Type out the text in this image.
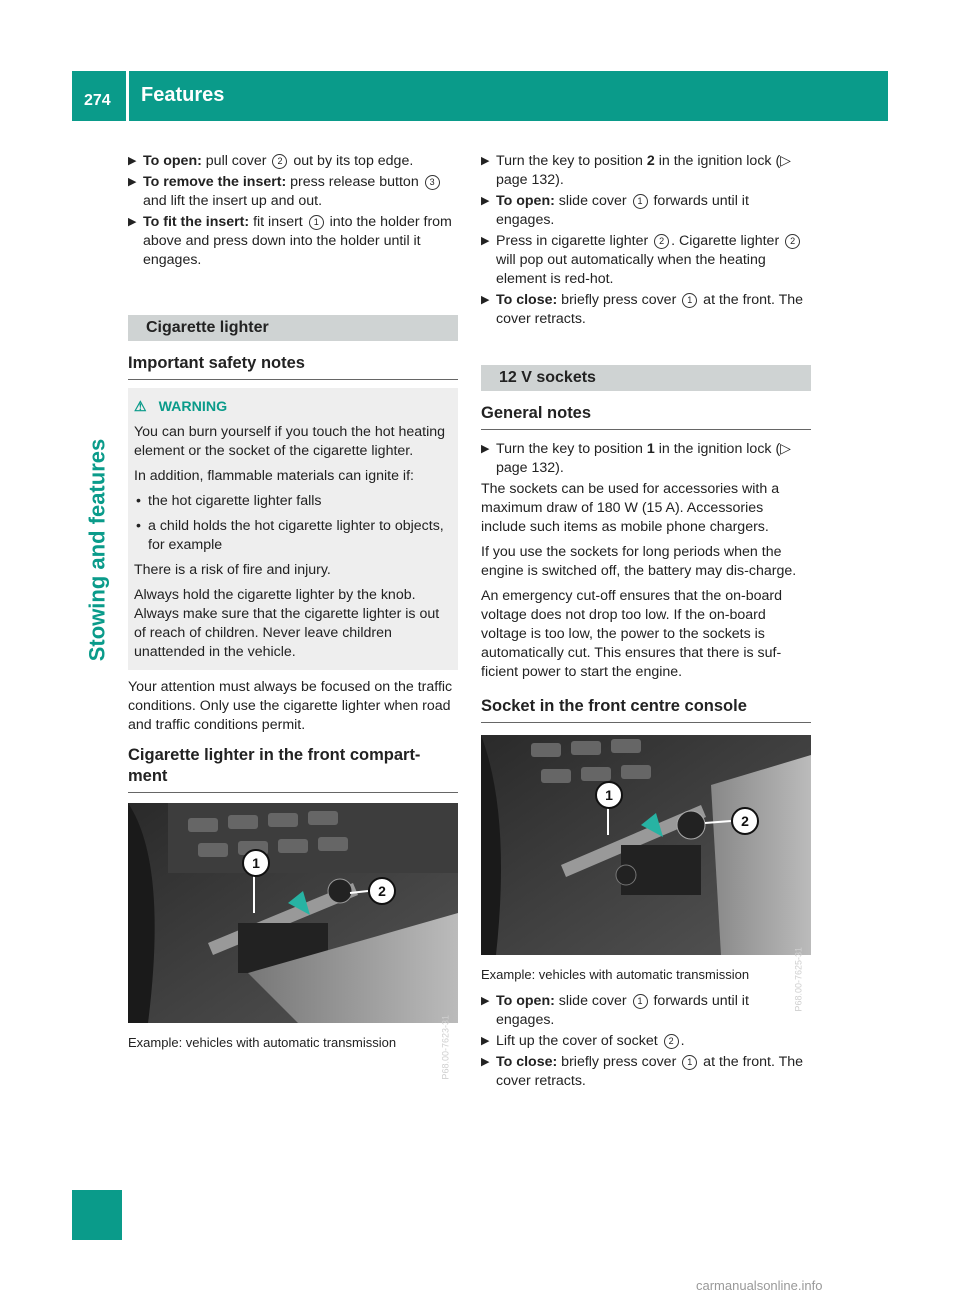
274 Features
Stowing and features
▶ To open: pull cover 2 out by its top edge.
▶ To remove the insert: press release button 3 and lift the insert up and out.
▶ To fit the insert: fit insert 1 into the holder from above and press down into the holder until it engages.
Cigarette lighter
Important safety notes
⚠ WARNING

You can burn yourself if you touch the hot heating element or the socket of the cigarette lighter.

In addition, flammable materials can ignite if:

• the hot cigarette lighter falls
• a child holds the hot cigarette lighter to objects, for example

There is a risk of fire and injury.

Always hold the cigarette lighter by the knob. Always make sure that the cigarette lighter is out of reach of children. Never leave children unattended in the vehicle.

Your attention must always be focused on the traffic conditions. Only use the cigarette lighter when road and traffic conditions permit.

Cigarette lighter in the front compart-ment
1
2
P68.00-7623-31
Example: vehicles with automatic transmission
▶ Turn the key to position 2 in the ignition lock (▷ page 132).
▶ To open: slide cover 1 forwards until it engages.
▶ Press in cigarette lighter 2 . Cigarette lighter 2 will pop out automatically when the heating element is red-hot.
▶ To close: briefly press cover 1 at the front. The cover retracts.
12 V sockets
General notes
▶ Turn the key to position 1 in the ignition lock (▷ page 132).

The sockets can be used for accessories with a maximum draw of 180 W (15 A). Accessories include such items as mobile phone chargers.

If you use the sockets for long periods when the engine is switched off, the battery may dis-charge.

An emergency cut-off ensures that the on-board voltage does not drop too low. If the on-board voltage is too low, the power to the sockets is automatically cut. This ensures that there is suf-ficient power to start the engine.

Socket in the front centre console
1
2
P68.00-7625-31
Example: vehicles with automatic transmission
▶ To open: slide cover 1 forwards until it engages.
▶ Lift up the cover of socket 2 .
▶ To close: briefly press cover 1 at the front. The cover retracts.
carmanualsonline.info
